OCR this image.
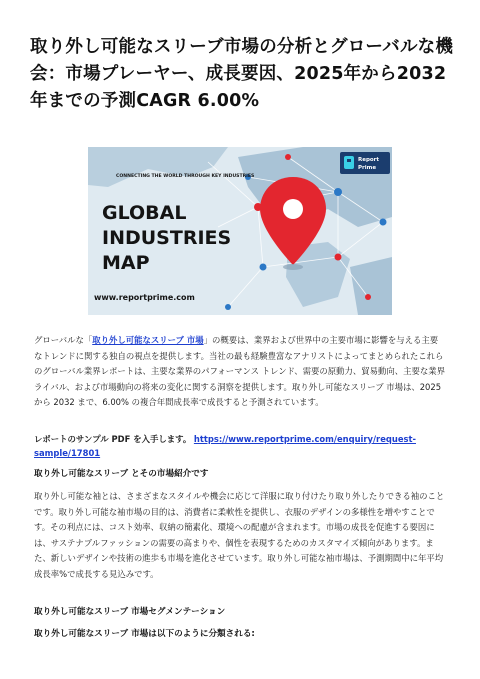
取り外し可能なスリーブ市場の分析とグローバルな機会：市場プレーヤー、成長要因、2025年から2032年までの予測CAGR 6.00%
CONNECTING THE WORLD THROUGH KEY INDUSTRIES
GLOBAL
INDUSTRIES
MAP
www.reportprime.com
Report
Prime

グローバルな「取り外し可能なスリーブ 市場」の概要は、業界および世界中の主要市場に影響を与える主要なトレンドに関する独自の視点を提供します。当社の最も経験豊富なアナリストによってまとめられたこれらのグローバル業界レポートは、主要な業界のパフォーマンス トレンド、需要の原動力、貿易動向、主要な業界ライバル、および市場動向の将来の変化に関する洞察を提供します。取り外し可能なスリーブ 市場は、2025 から 2032 まで、6.00% の複合年間成長率で成長すると予測されています。

レポートのサンプル PDF を入手します。 https://www.reportprime.com/enquiry/request-sample/17801

取り外し可能なスリーブ とその市場紹介です

取り外し可能な袖とは、さまざまなスタイルや機会に応じて洋服に取り付けたり取り外したりできる袖のことです。取り外し可能な袖市場の目的は、消費者に柔軟性を提供し、衣服のデザインの多様性を増やすことです。その利点には、コスト効率、収納の簡素化、環境への配慮が含まれます。市場の成長を促進する要因には、サステナブルファッションの需要の高まりや、個性を表現するためのカスタマイズ傾向があります。また、新しいデザインや技術の進歩も市場を進化させています。取り外し可能な袖市場は、予測期間中に年平均成長率%で成長する見込みです。

取り外し可能なスリーブ 市場セグメンテーション

取り外し可能なスリーブ 市場は以下のように分類される:
